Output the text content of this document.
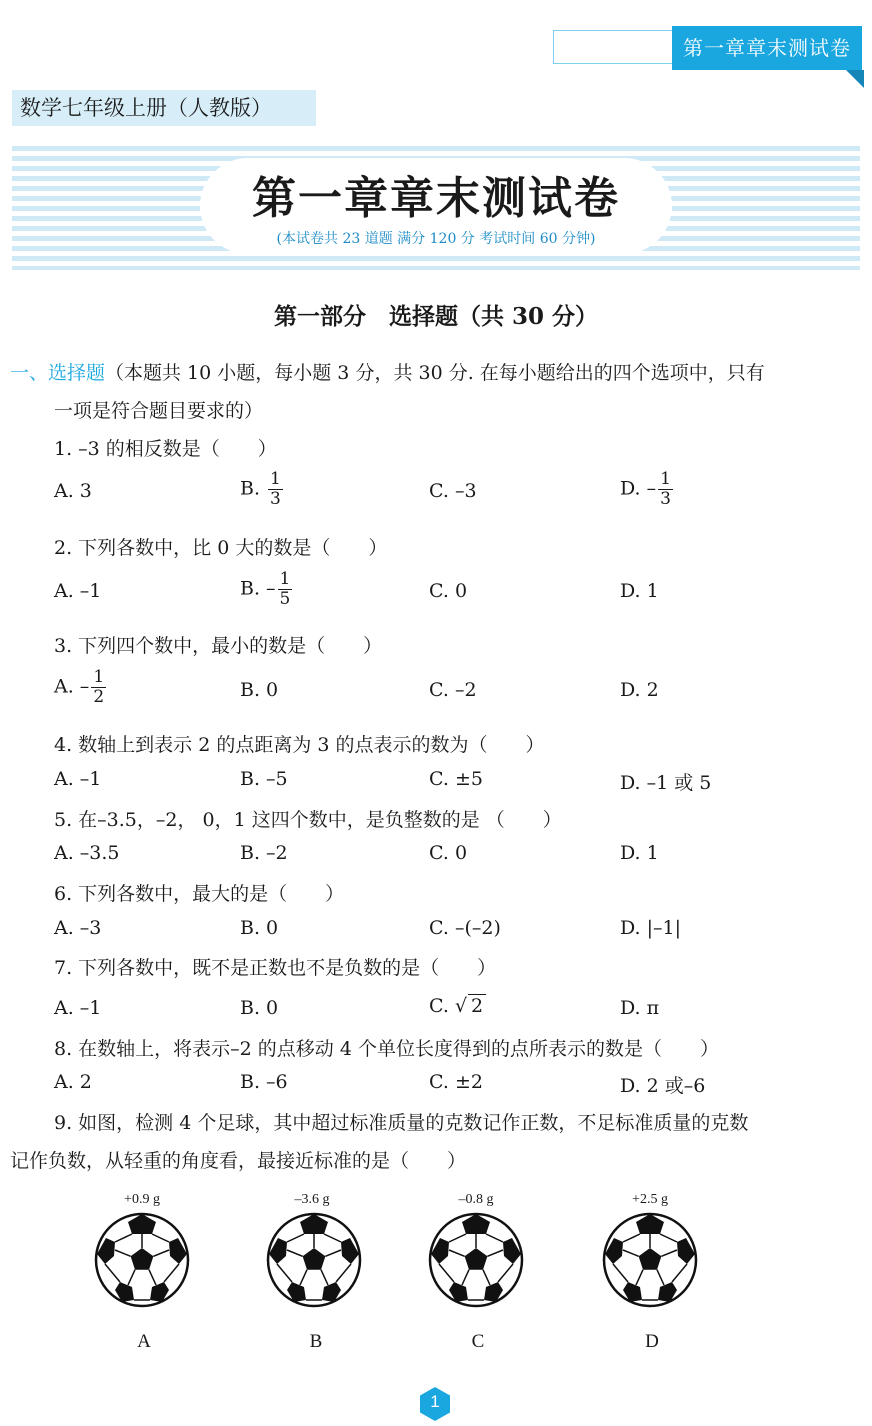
第一章章末测试卷
数学七年级上册（人教版）
第一章章末测试卷
(本试卷共 23 道题 满分 120 分 考试时间 60 分钟)
第一部分　选择题（共 30 分）
一、选择题（本题共 10 小题，每小题 3 分，共 30 分. 在每小题给出的四个选项中，只有
一项是符合题目要求的）
1. –3 的相反数是（　　）
A. 3	B. $\frac{1}{3}$	C. –3	D. – $\frac{1}{3}$
2. 下列各数中，比 0 大的数是（　　）
A. –1	B. – $\frac{1}{5}$	C. 0	D. 1
3. 下列四个数中，最小的数是（　　）
A. – $\frac{1}{2}$	B. 0	C. –2	D. 2
4. 数轴上到表示 2 的点距离为 3 的点表示的数为（　　）
A. –1	B. –5	C. ±5	D. –1 或 5
5. 在–3.5，–2， 0，1 这四个数中，是负整数的是 （　　）
A. –3.5	B. –2	C. 0	D. 1
6. 下列各数中，最大的是（　　）
A. –3	B. 0	C. –(–2)	D. |–1|
7. 下列各数中，既不是正数也不是负数的是（　　）
A. –1	B. 0	C. √ 2	D. π
8. 在数轴上，将表示–2 的点移动 4 个单位长度得到的点所表示的数是（　　）
A. 2	B. –6	C. ±2	D. 2 或–6
9. 如图，检测 4 个足球，其中超过标准质量的克数记作正数，不足标准质量的克数
记作负数，从轻重的角度看，最接近标准的是（　　）
+0.9 g
A
–3.6 g
B
–0.8 g
C
+2.5 g
D
1
